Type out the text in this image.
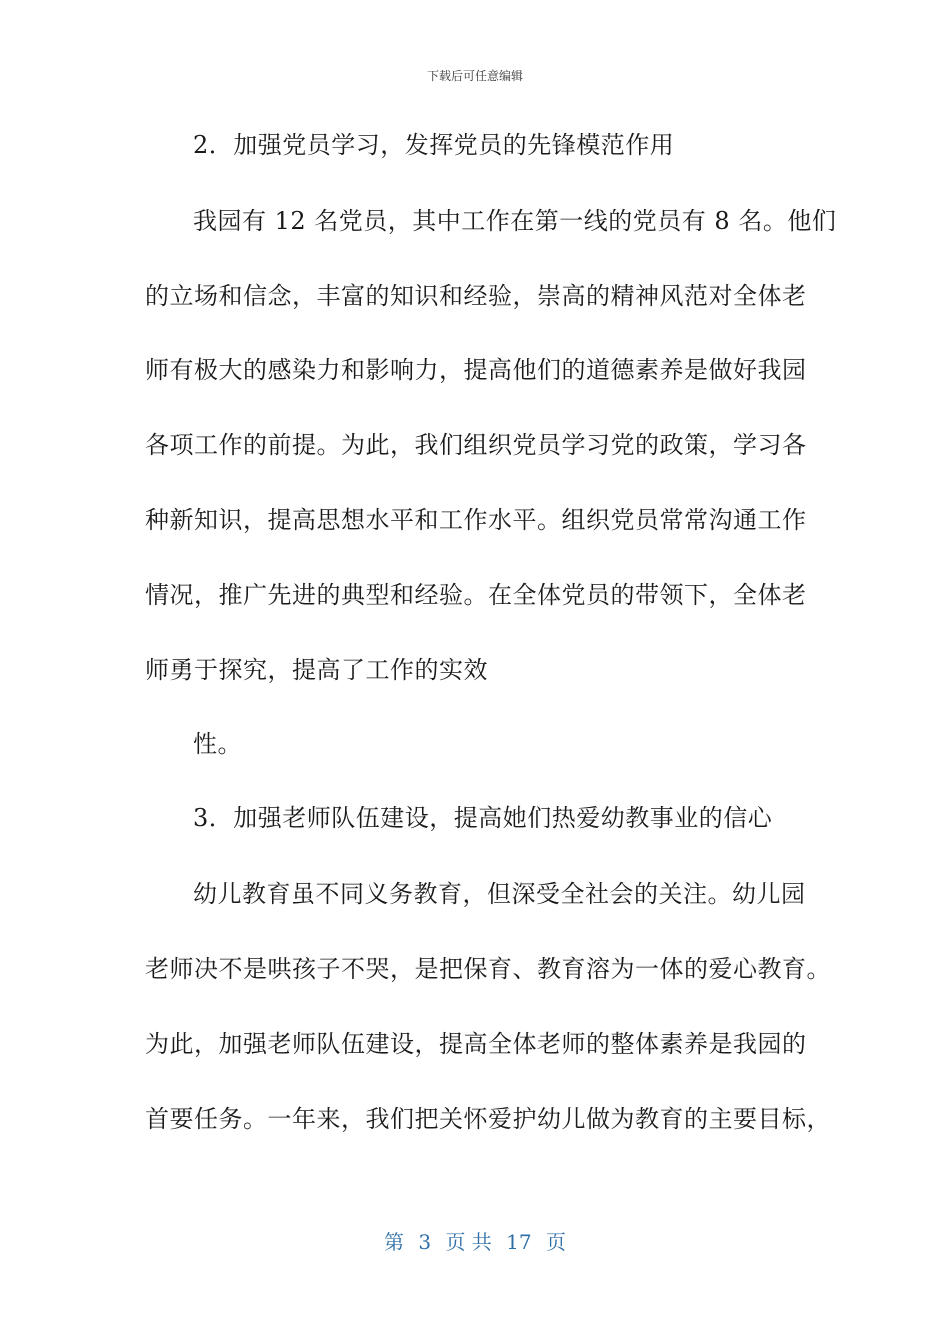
下载后可任意编辑
2．加强党员学习，发挥党员的先锋模范作用
我园有 12 名党员，其中工作在第一线的党员有 8 名。他们
的立场和信念，丰富的知识和经验，崇高的精神风范对全体老
师有极大的感染力和影响力，提高他们的道德素养是做好我园
各项工作的前提。为此，我们组织党员学习党的政策，学习各
种新知识，提高思想水平和工作水平。组织党员常常沟通工作
情况，推广先进的典型和经验。在全体党员的带领下，全体老
师勇于探究，提高了工作的实效
性。
3．加强老师队伍建设，提高她们热爱幼教事业的信心
幼儿教育虽不同义务教育，但深受全社会的关注。幼儿园
老师决不是哄孩子不哭，是把保育、教育溶为一体的爱心教育。
为此，加强老师队伍建设，提高全体老师的整体素养是我园的
首要任务。一年来，我们把关怀爱护幼儿做为教育的主要目标，
第 3 页 共 17 页
